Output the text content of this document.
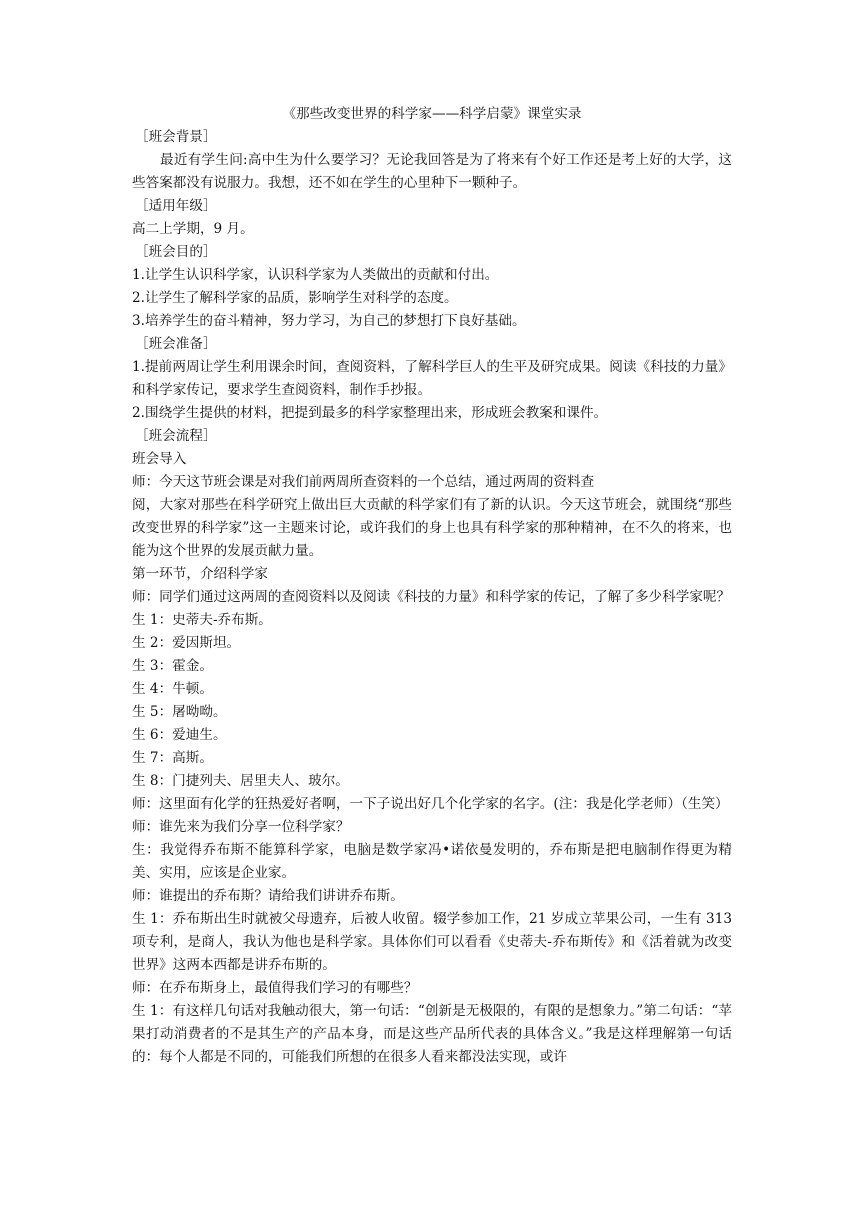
《那些改变世界的科学家——科学启蒙》课堂实录

［班会背景］

最近有学生问:高中生为什么要学习？无论我回答是为了将来有个好工作还是考上好的大学，这些答案都没有说服力。我想，还不如在学生的心里种下一颗种子。

［适用年级］

高二上学期，9 月。

［班会目的］

1.让学生认识科学家，认识科学家为人类做出的贡献和付出。

2.让学生了解科学家的品质，影响学生对科学的态度。

3.培养学生的奋斗精神，努力学习，为自己的梦想打下良好基础。

［班会准备］

1.提前两周让学生利用课余时间，查阅资料，了解科学巨人的生平及研究成果。阅读《科技的力量》和科学家传记，要求学生查阅资料，制作手抄报。

2.围绕学生提供的材料，把提到最多的科学家整理出来，形成班会教案和课件。

［班会流程］

班会导入

师：今天这节班会课是对我们前两周所查资料的一个总结，通过两周的资料查

阅，大家对那些在科学研究上做出巨大贡献的科学家们有了新的认识。今天这节班会，就围绕“那些改变世界的科学家”这一主题来讨论，或许我们的身上也具有科学家的那种精神，在不久的将来，也能为这个世界的发展贡献力量。

第一环节，介绍科学家

师：同学们通过这两周的查阅资料以及阅读《科技的力量》和科学家的传记，了解了多少科学家呢？

生 1：史蒂夫-乔布斯。

生 2：爱因斯坦。

生 3：霍金。

生 4：牛顿。

生 5：屠呦呦。

生 6：爱迪生。

生 7：高斯。

生 8：门捷列夫、居里夫人、玻尔。

师：这里面有化学的狂热爱好者啊，一下子说出好几个化学家的名字。(注：我是化学老师）（生笑）

师：谁先来为我们分享一位科学家？

生：我觉得乔布斯不能算科学家，电脑是数学家冯•诺依曼发明的，乔布斯是把电脑制作得更为精美、实用，应该是企业家。

师：谁提出的乔布斯？请给我们讲讲乔布斯。

生 1：乔布斯出生时就被父母遗弃，后被人收留。辍学参加工作，21 岁成立苹果公司，一生有 313 项专利，是商人，我认为他也是科学家。具体你们可以看看《史蒂夫-乔布斯传》和《活着就为改变世界》这两本西都是讲乔布斯的。

师：在乔布斯身上，最值得我们学习的有哪些？

生 1：有这样几句话对我触动很大，第一句话：“创新是无极限的，有限的是想象力。”第二句话：“苹果打动消费者的不是其生产的产品本身，而是这些产品所代表的具体含义。”我是这样理解第一句话的：每个人都是不同的，可能我们所想的在很多人看来都没法实现，或许
